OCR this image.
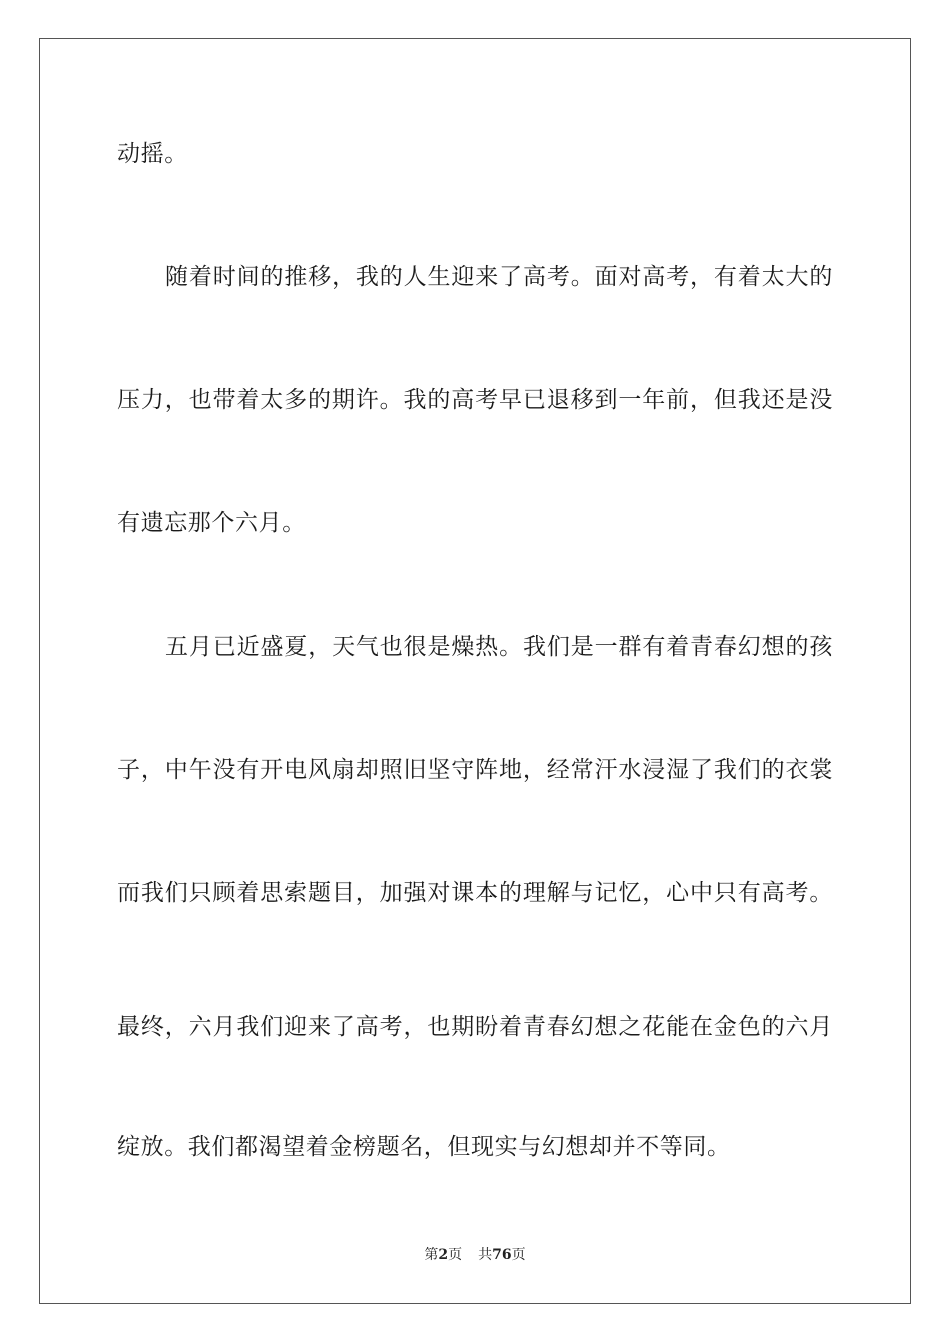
动摇。
随着时间的推移，我的人生迎来了高考。面对高考，有着太大的
压力，也带着太多的期许。我的高考早已退移到一年前，但我还是没
有遗忘那个六月。
五月已近盛夏，天气也很是燥热。我们是一群有着青春幻想的孩
子，中午没有开电风扇却照旧坚守阵地，经常汗水浸湿了我们的衣裳
而我们只顾着思索题目，加强对课本的理解与记忆，心中只有高考。
最终，六月我们迎来了高考，也期盼着青春幻想之花能在金色的六月
绽放。我们都渴望着金榜题名，但现实与幻想却并不等同。
第2页 共76页
